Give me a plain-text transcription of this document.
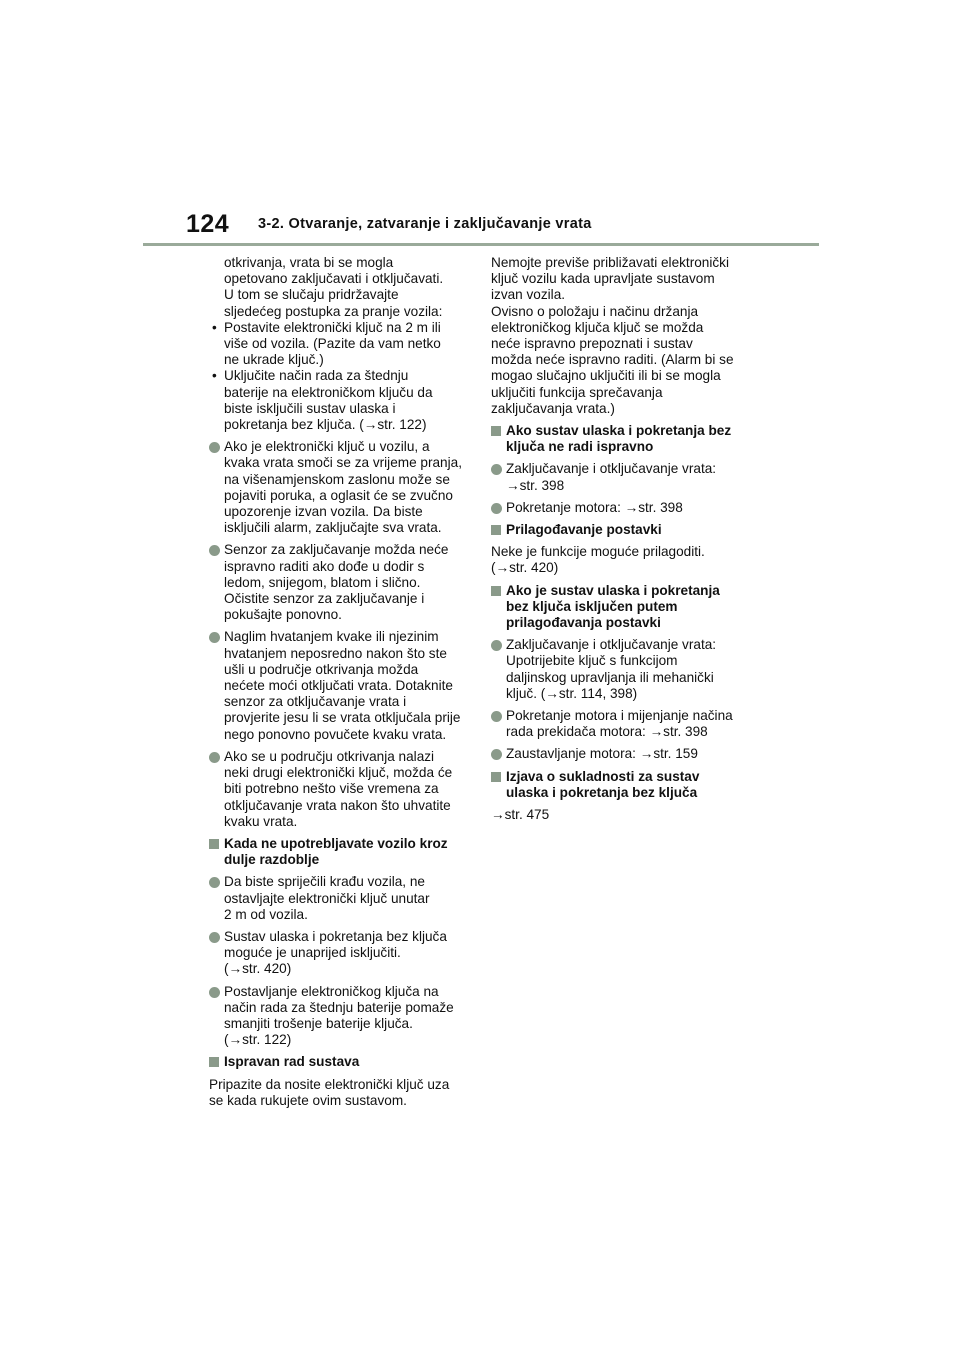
124 3-2. Otvaranje, zatvaranje i zaključavanje vrata
otkrivanja, vrata bi se mogla
opetovano zaključavati i otključavati.
U tom se slučaju pridržavajte
sljedećeg postupka za pranje vozila:
• Postavite elektronički ključ na 2 m ili
više od vozila. (Pazite da vam netko
ne ukrade ključ.)
• Uključite način rada za štednju
baterije na elektroničkom ključu da
biste isključili sustav ulaska i
pokretanja bez ključa. (→str. 122)
Ako je elektronički ključ u vozilu, a
kvaka vrata smoči se za vrijeme pranja,
na višenamjenskom zaslonu može se
pojaviti poruka, a oglasit će se zvučno
upozorenje izvan vozila. Da biste
isključili alarm, zaključajte sva vrata.
Senzor za zaključavanje možda neće
ispravno raditi ako dođe u dodir s
ledom, snijegom, blatom i slično.
Očistite senzor za zaključavanje i
pokušajte ponovno.
Naglim hvatanjem kvake ili njezinim
hvatanjem neposredno nakon što ste
ušli u područje otkrivanja možda
nećete moći otključati vrata. Dotaknite
senzor za otključavanje vrata i
provjerite jesu li se vrata otključala prije
nego ponovno povučete kvaku vrata.
Ako se u području otkrivanja nalazi
neki drugi elektronički ključ, možda će
biti potrebno nešto više vremena za
otključavanje vrata nakon što uhvatite
kvaku vrata.
Kada ne upotrebljavate vozilo kroz
dulje razdoblje
Da biste spriječili krađu vozila, ne
ostavljajte elektronički ključ unutar
2 m od vozila.
Sustav ulaska i pokretanja bez ključa
moguće je unaprijed isključiti.
(→str. 420)
Postavljanje elektroničkog ključa na
način rada za štednju baterije pomaže
smanjiti trošenje baterije ključa.
(→str. 122)
Ispravan rad sustava
Pripazite da nosite elektronički ključ uza
se kada rukujete ovim sustavom.
Nemojte previše približavati elektronički
ključ vozilu kada upravljate sustavom
izvan vozila.
Ovisno o položaju i načinu držanja
elektroničkog ključa ključ se možda
neće ispravno prepoznati i sustav
možda neće ispravno raditi. (Alarm bi se
mogao slučajno uključiti ili bi se mogla
uključiti funkcija sprečavanja
zaključavanja vrata.)
Ako sustav ulaska i pokretanja bez
ključa ne radi ispravno
Zaključavanje i otključavanje vrata:
→str. 398
Pokretanje motora: →str. 398
Prilagođavanje postavki
Neke je funkcije moguće prilagoditi.
(→str. 420)
Ako je sustav ulaska i pokretanja
bez ključa isključen putem
prilagođavanja postavki
Zaključavanje i otključavanje vrata:
Upotrijebite ključ s funkcijom
daljinskog upravljanja ili mehanički
ključ. (→str. 114, 398)
Pokretanje motora i mijenjanje načina
rada prekidača motora: →str. 398
Zaustavljanje motora: →str. 159
Izjava o sukladnosti za sustav
ulaska i pokretanja bez ključa
→str. 475
